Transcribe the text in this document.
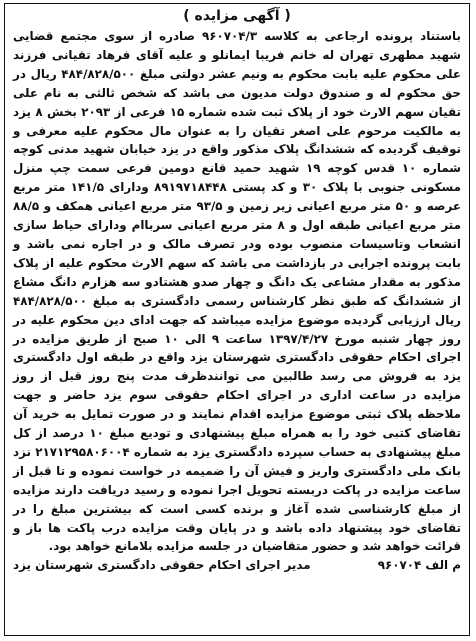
( آگهی مزایده )

باستناد پرونده ارجاعی به کلاسه ۹۶۰۷۰۴/۳ صادره از سوی مجتمع قضایی شهید مطهری تهران له خانم فریبا ایمانلو و علیه آقای فرهاد تقیانی فرزند علی محکوم علیه بابت محکوم به ونیم عشر دولتی مبلغ ۴۸۴/۸۲۸/۵۰۰ ریال در حق محکوم له و صندوق دولت مدیون می باشد که شخص ثالثی به نام علی تقیان سهم الارث خود از پلاک ثبت شده شماره ۱۵ فرعی از ۲۰۹۳ بخش ۸ یزد به مالکیت مرحوم علی اصغر تقیان را به عنوان مال محکوم علیه معرفی و توقیف گردیده که ششدانگ پلاک مذکور واقع در یزد خیابان شهید مدنی کوچه شماره ۱۰ قدس کوچه ۱۹ شهید حمید قانع دومین فرعی سمت چپ منزل مسکونی جنوبی با پلاک ۳۰ و کد پستی ۸۹۱۹۷۱۸۴۴۸ ودارای ۱۴۱/۵ متر مربع عرصه و ۵۰ متر مربع اعیانی زیر زمین و ۹۳/۵ متر مربع اعیانی همکف و ۸۸/۵ متر مربع اعیانی طبقه اول و ۸ متر مربع اعیانی سرباام ودارای حیاط سازی انشعاب وتاسیسات منصوب بوده ودر تصرف مالک و در اجاره نمی باشد و بابت پرونده اجرایی در بازداشت می باشد که سهم الارث محکوم علیه از پلاک مذکور به مقدار مشاعی یک دانگ و چهار صدو هشتادو سه هزارم دانگ مشاع از ششدانگ که طبق نظر کارشناس رسمی دادگستری به مبلغ ۴۸۴/۸۲۸/۵۰۰ ریال ارزیابی گردیده موضوع مزایده میباشد که جهت ادای دین محکوم علیه در روز چهار شنبه مورخ ۱۳۹۷/۴/۲۷ ساعت ۹ الی ۱۰ صبح از طریق مزایده در اجرای احکام حقوقی دادگستری شهرستان یزد واقع در طبقه اول دادگستری یزد به فروش می رسد طالبین می توانندظرف مدت پنج روز قبل از روز مزایده در ساعت اداری در اجرای احکام حقوقی سوم یزد حاضر و جهت ملاحظه پلاک ثبتی موضوع مزایده اقدام نمایند و در صورت تمایل به خرید آن تقاضای کتبی خود را به همراه مبلغ پیشنهادی و تودیع مبلغ ۱۰ درصد از کل مبلغ پیشنهادی به حساب سپرده دادگستری یزد به شماره ۲۱۷۱۲۹۵۸۰۶۰۰۴ نزد بانک ملی دادگستری واریز و فیش آن را ضمیمه در خواست نموده و تا قبل از ساعت مزایده در پاکت دربسته تحویل اجرا نموده و رسید دریافت دارند مزایده از مبلغ کارشناسی شده آغاز و برنده کسی است که بیشترین مبلغ را در تقاضای خود پیشنهاد داده باشد و در پایان وقت مزایده درب پاکت ها باز و قرائت خواهد شد و حضور متقاضیان در جلسه مزایده بلامانع خواهد بود.

م الف ۹۶۰۷۰۴
مدیر اجرای احکام حقوقی دادگستری شهرستان یزد
